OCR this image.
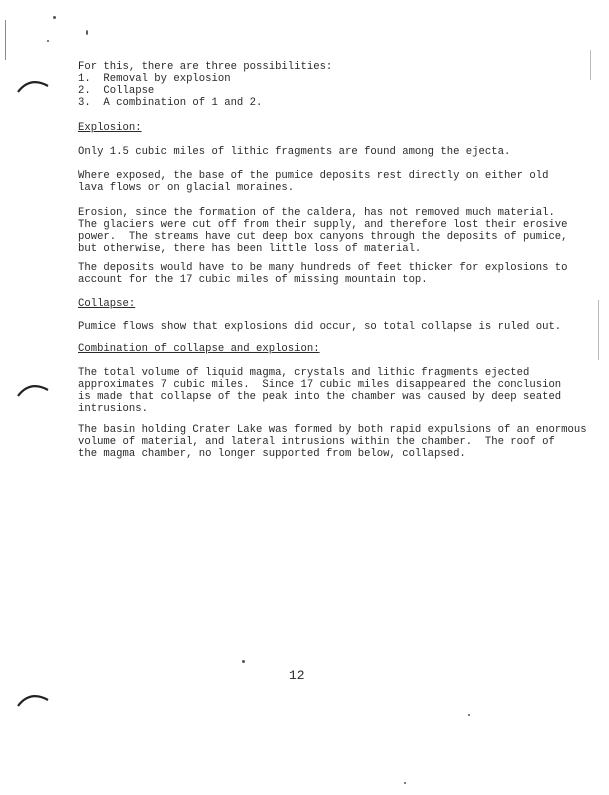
For this, there are three possibilities:
1.  Removal by explosion
2.  Collapse
3.  A combination of 1 and 2.
Explosion:
Only 1.5 cubic miles of lithic fragments are found among the ejecta.
Where exposed, the base of the pumice deposits rest directly on either old
lava flows or on glacial moraines.
Erosion, since the formation of the caldera, has not removed much material.
The glaciers were cut off from their supply, and therefore lost their erosive
power.  The streams have cut deep box canyons through the deposits of pumice,
but otherwise, there has been little loss of material.
The deposits would have to be many hundreds of feet thicker for explosions to
account for the 17 cubic miles of missing mountain top.
Collapse:
Pumice flows show that explosions did occur, so total collapse is ruled out.
Combination of collapse and explosion:
The total volume of liquid magma, crystals and lithic fragments ejected
approximates 7 cubic miles.  Since 17 cubic miles disappeared the conclusion
is made that collapse of the peak into the chamber was caused by deep seated
intrusions.
The basin holding Crater Lake was formed by both rapid expulsions of an enormous
volume of material, and lateral intrusions within the chamber.  The roof of
the magma chamber, no longer supported from below, collapsed.
12
